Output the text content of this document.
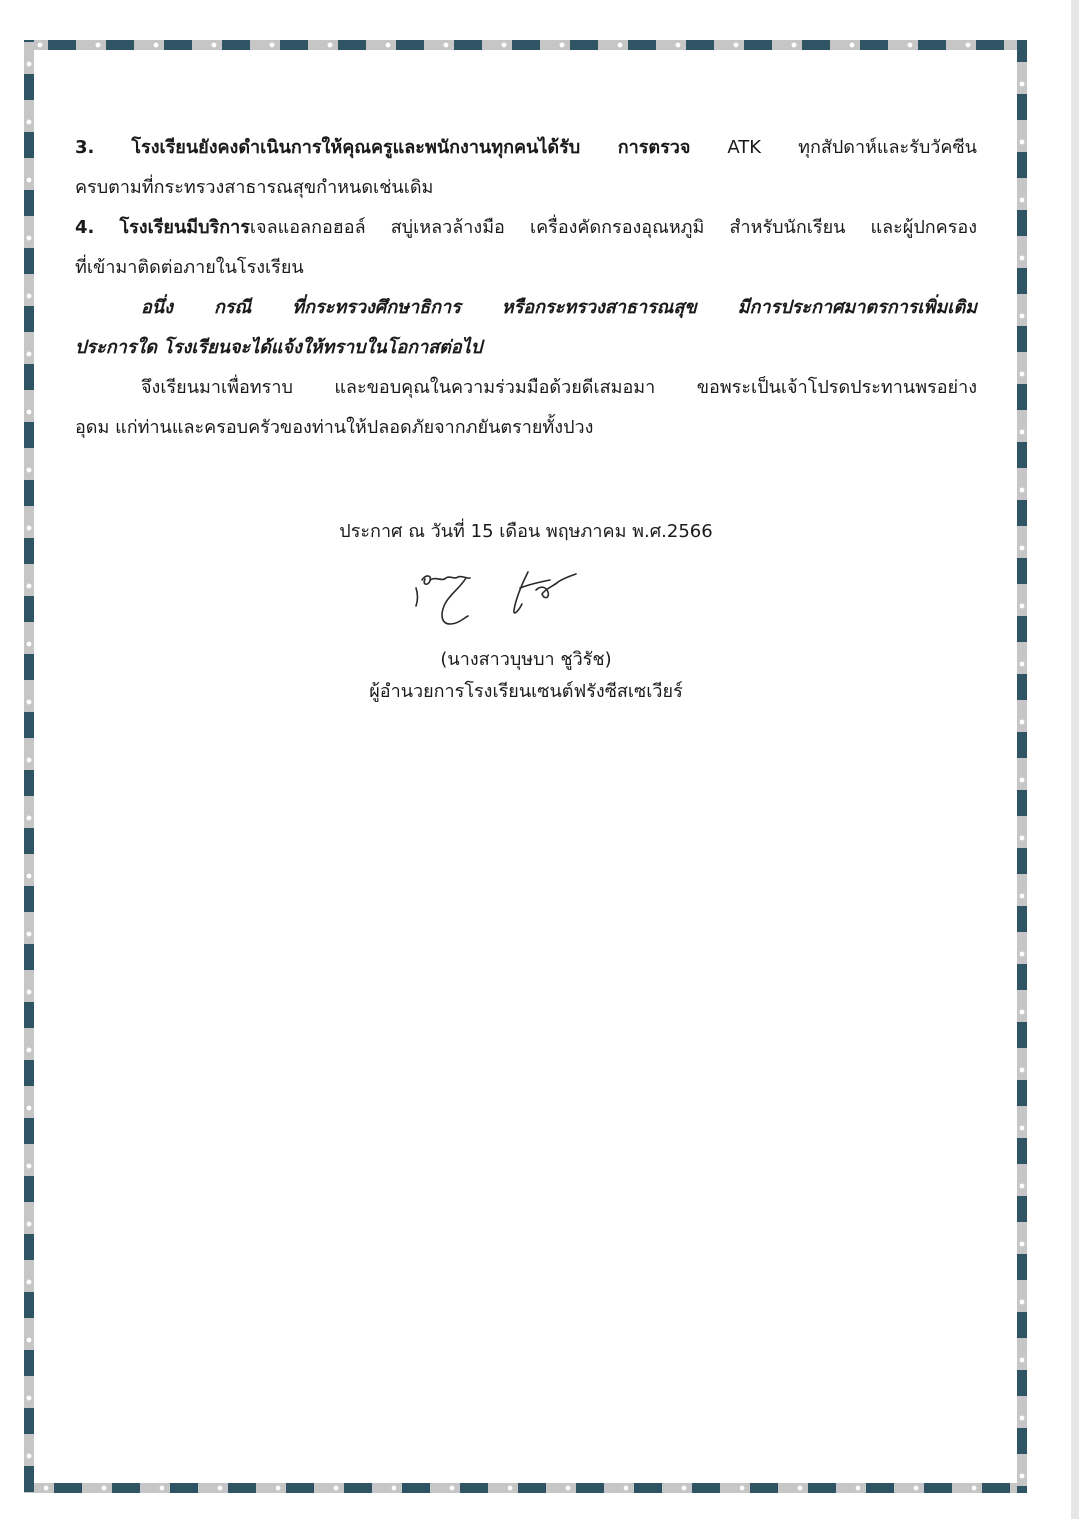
3. โรงเรียนยังคงดำเนินการให้คุณครูและพนักงานทุกคนได้รับ การตรวจ ATK ทุกสัปดาห์และรับวัคซีน

ครบตามที่กระทรวงสาธารณสุขกำหนดเช่นเดิม

4. โรงเรียนมีบริการเจลแอลกอฮอล์ สบู่เหลวล้างมือ เครื่องคัดกรองอุณหภูมิ สำหรับนักเรียน และผู้ปกครอง

ที่เข้ามาติดต่อภายในโรงเรียน

อนึ่ง กรณี ที่กระทรวงศึกษาธิการ หรือกระทรวงสาธารณสุข มีการประกาศมาตรการเพิ่มเติม

ประการใด โรงเรียนจะได้แจ้งให้ทราบในโอกาสต่อไป

จึงเรียนมาเพื่อทราบ และขอบคุณในความร่วมมือด้วยดีเสมอมา ขอพระเป็นเจ้าโปรดประทานพรอย่าง

อุดม แก่ท่านและครอบครัวของท่านให้ปลอดภัยจากภยันตรายทั้งปวง

ประกาศ ณ วันที่ 15 เดือน พฤษภาคม พ.ศ.2566
(นางสาวบุษบา ชูวิรัช)
ผู้อำนวยการโรงเรียนเซนต์ฟรังซีสเซเวียร์
